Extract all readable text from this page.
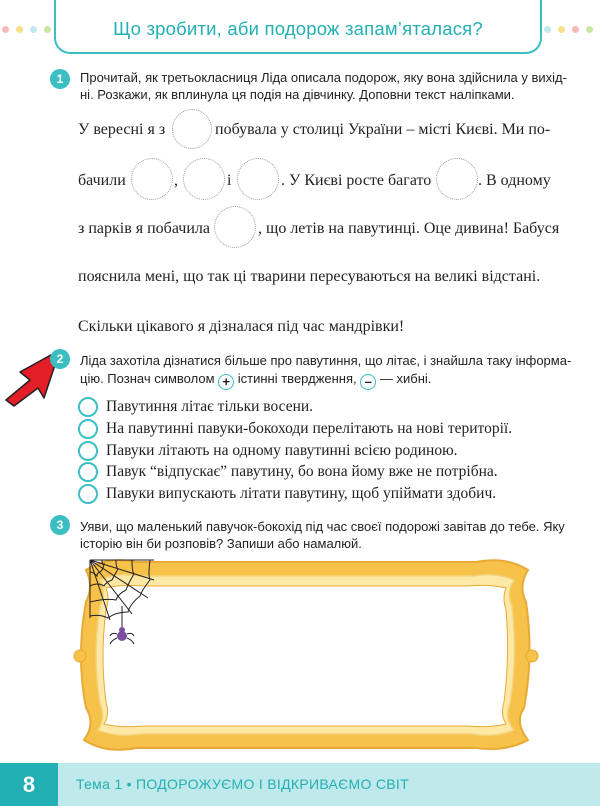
Що зробити, аби подорож запам’яталася?
1	Прочитай, як третьокласниця Ліда описала подорож, яку вона здійснила у вихід-
ні. Розкажи, як вплинула ця подія на дівчинку. Доповни текст наліпками.
У вересні я з	побувала у столиці України – місті Києві. Ми по-
бачили	,	і	. У Києві росте багато	. В одному
з парків я побачила	, що летів на павутинці. Оце дивина! Бабуся
пояснила мені, що так ці тварини пересуваються на великі відстані.
Скільки цікавого я дізналася під час мандрівки!
2	Ліда захотіла дізнатися більше про павутиння, що літає, і знайшла таку інформа-
цію. Познач символом + істинні твердження, – — хибні.
Павутиння літає тільки восени.
На павутинні павуки-бокоходи перелітають на нові території.
Павуки літають на одному павутинні всією родиною.
Павук “відпускає” павутину, бо вона йому вже не потрібна.
Павуки випускають літати павутину, щоб упіймати здобич.
3	Уяви, що маленький павучок-бокохід під час своєї подорожі завітав до тебе. Яку
історію він би розповів? Запиши або намалюй.
8	Тема 1 • ПОДОРОЖУЄМО І ВІДКРИВАЄМО СВІТ
